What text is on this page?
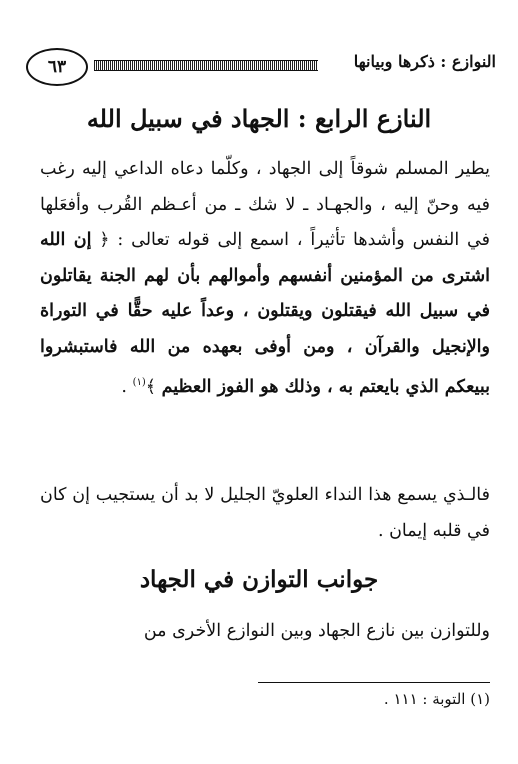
النوازع : ذكرها وبيانها
٦٣
النازع الرابع : الجهاد في سبيل الله
يطير المسلم شوقاً إلى الجهاد ، وكلّما دعاه الداعي إليه رغب فيه وحنّ إليه ، والجهـاد ـ لا شك ـ من أعـظم القُرب وأفعَلها في النفس وأشدها تأثيراً ، اسمع إلى قوله تعالى : ﴿ إن الله اشترى من المؤمنين أنفسهم وأموالهم بأن لهم الجنة يقاتلون في سبيل الله فيقتلون ويقتلون ، وعداً عليه حقًّا في التوراة والإنجيل والقرآن ، ومن أوفى بعهده من الله فاستبشروا ببيعكم الذي بايعتم به ، وذلك هو الفوز العظيم ﴾$^{(١)}$ .
فالـذي يسمع هذا النداء العلويّ الجليل لا بد أن يستجيب إن كان في قلبه إيمان .
جوانب التوازن في الجهاد
وللتوازن بين نازع الجهاد وبين النوازع الأخرى من
(١) التوبة : ١١١ .
